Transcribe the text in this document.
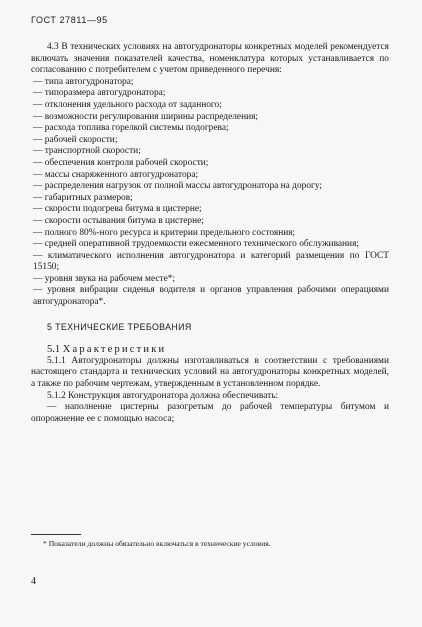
ГОСТ 27811—95

4.3 В технических условиях на автогудронаторы конкретных моделей рекомендуется включать значения показателей качества, номенклатура которых устанавливается по согласованию с потребителем с учетом приведенного перечня:

— типа автогудронатора;

— типоразмера автогудронатора;

— отклонения удельного расхода от заданного;

— возможности регулирования ширины распределения;

— расхода топлива горелкой системы подогрева;

— рабочей скорости;

— транспортной скорости;

— обеспечения контроля рабочей скорости;

— массы снаряженного автогудронатора;

— распределения нагрузок от полной массы автогудронатора на дорогу;

— габаритных размеров;

— скорости подогрева битума в цистерне;

— скорости остывания битума в цистерне;

— полного 80%-ного ресурса и критерии предельного состояния;

— средней оперативной трудоемкости ежесменного технического обслуживания;

— климатического исполнения автогудронатора и категорий размещения по ГОСТ 15150;

— уровня звука на рабочем месте*;

— уровня вибрации сиденья водителя и органов управления рабочими операциями автогудронатора*.

5 ТЕХНИЧЕСКИЕ ТРЕБОВАНИЯ

5.1 Характеристики

5.1.1 Автогудронаторы должны изготавливаться в соответствии с требованиями настоящего стандарта и технических условий на автогудронаторы конкретных моделей, а также по рабочим чертежам, утвержденным в установленном порядке.

5.1.2 Конструкция автогудронатора должна обеспечивать:

— наполнение цистерны разогретым до рабочей температуры битумом и опорожнение ее с помощью насоса;

* Показатели должны обязательно включаться в технические условия.
4
